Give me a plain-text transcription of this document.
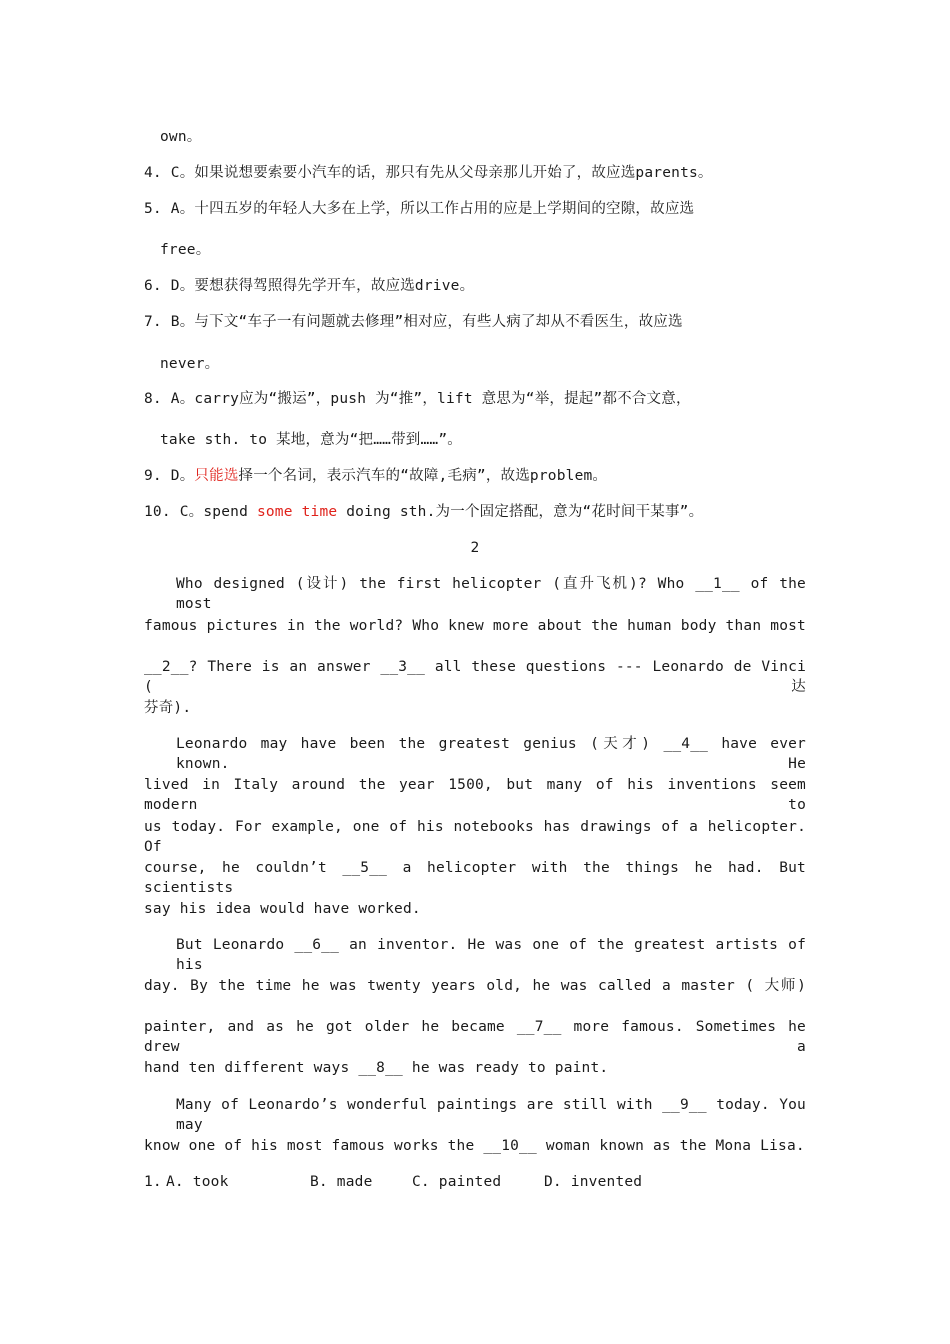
own。
4. C。如果说想要索要小汽车的话，那只有先从父母亲那儿开始了，故应选parents。
5. A。十四五岁的年轻人大多在上学，所以工作占用的应是上学期间的空隙，故应选
free。
6. D。要想获得驾照得先学开车，故应选drive。
7. B。与下文“车子一有问题就去修理”相对应，有些人病了却从不看医生，故应选
never。
8. A。carry应为“搬运”，push 为“推”，lift 意思为“举，提起”都不合文意，
take sth. to 某地，意为“把……带到……”。
9. D。只能选择一个名词，表示汽车的“故障,毛病”，故选problem。
10. C。spend some time doing sth.为一个固定搭配，意为“花时间干某事”。
2
Who designed (设计) the first helicopter (直升飞机)? Who __1__ of the most
famous pictures in the world? Who knew more about the human body than most
__2__? There is an answer __3__ all these questions --- Leonardo de Vinci (达
芬奇).
Leonardo may have been the greatest genius (天才) __4__ have ever known. He
lived in Italy around the year 1500, but many of his inventions seem modern to
us today. For example, one of his notebooks has drawings of a helicopter. Of
course, he couldn’t __5__ a helicopter with the things he had. But scientists
say his idea would have worked.
But Leonardo __6__ an inventor. He was one of the greatest artists of his
day. By the time he was twenty years old, he was called a master ( 大师)
painter, and as he got older he became __7__ more famous. Sometimes he drew a
hand ten different ways __8__ he was ready to paint.
Many of Leonardo’s wonderful paintings are still with __9__ today. You may
know one of his most famous works the __10__ woman known as the Mona Lisa.
1. A. took	B. made	C. painted	D. invented
